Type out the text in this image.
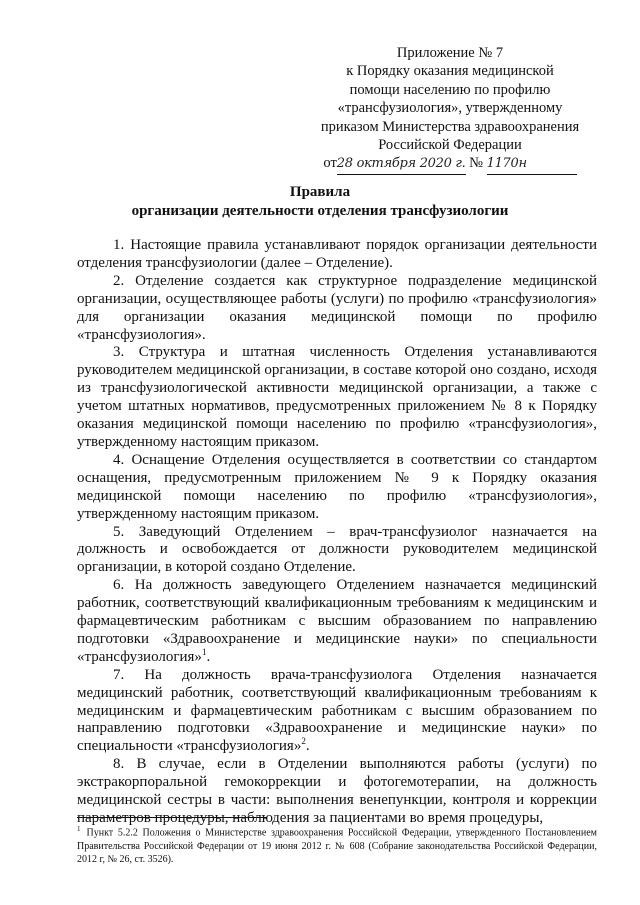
Приложение № 7
к Порядку оказания медицинской
помощи населению по профилю
«трансфузиология», утвержденному
приказом Министерства здравоохранения
Российской Федерации
от28 октября 2020 г. № 1170н
Правила
организации деятельности отделения трансфузиологии

1. Настоящие правила устанавливают порядок организации деятельности отделения трансфузиологии (далее – Отделение).

2. Отделение создается как структурное подразделение медицинской организации, осуществляющее работы (услуги) по профилю «трансфузиология» для организации оказания медицинской помощи по профилю «трансфузиология».

3. Структура и штатная численность Отделения устанавливаются руководителем медицинской организации, в составе которой оно создано, исходя из трансфузиологической активности медицинской организации, а также с учетом штатных нормативов, предусмотренных приложением № 8 к Порядку оказания медицинской помощи населению по профилю «трансфузиология», утвержденному настоящим приказом.

4. Оснащение Отделения осуществляется в соответствии со стандартом оснащения, предусмотренным приложением № 9 к Порядку оказания медицинской помощи населению по профилю «трансфузиология», утвержденному настоящим приказом.

5. Заведующий Отделением – врач-трансфузиолог назначается на должность и освобождается от должности руководителем медицинской организации, в которой создано Отделение.

6. На должность заведующего Отделением назначается медицинский работник, соответствующий квалификационным требованиям к медицинским и фармацевтическим работникам с высшим образованием по направлению подготовки «Здравоохранение и медицинские науки» по специальности «трансфузиология»$^1$.

7. На должность врача-трансфузиолога Отделения назначается медицинский работник, соответствующий квалификационным требованиям к медицинским и фармацевтическим работникам с высшим образованием по направлению подготовки «Здравоохранение и медицинские науки» по специальности «трансфузиология»$^2$.

8. В случае, если в Отделении выполняются работы (услуги) по экстракорпоральной гемокоррекции и фотогемотерапии, на должность медицинской сестры в части: выполнения венепункции, контроля и коррекции параметров процедуры, наблюдения за пациентами во время процедуры,

$^1$ Пункт 5.2.2 Положения о Министерстве здравоохранения Российской Федерации, утвержденного Постановлением Правительства Российской Федерации от 19 июня 2012 г. № 608 (Собрание законодательства Российской Федерации, 2012 г, № 26, ст. 3526).
